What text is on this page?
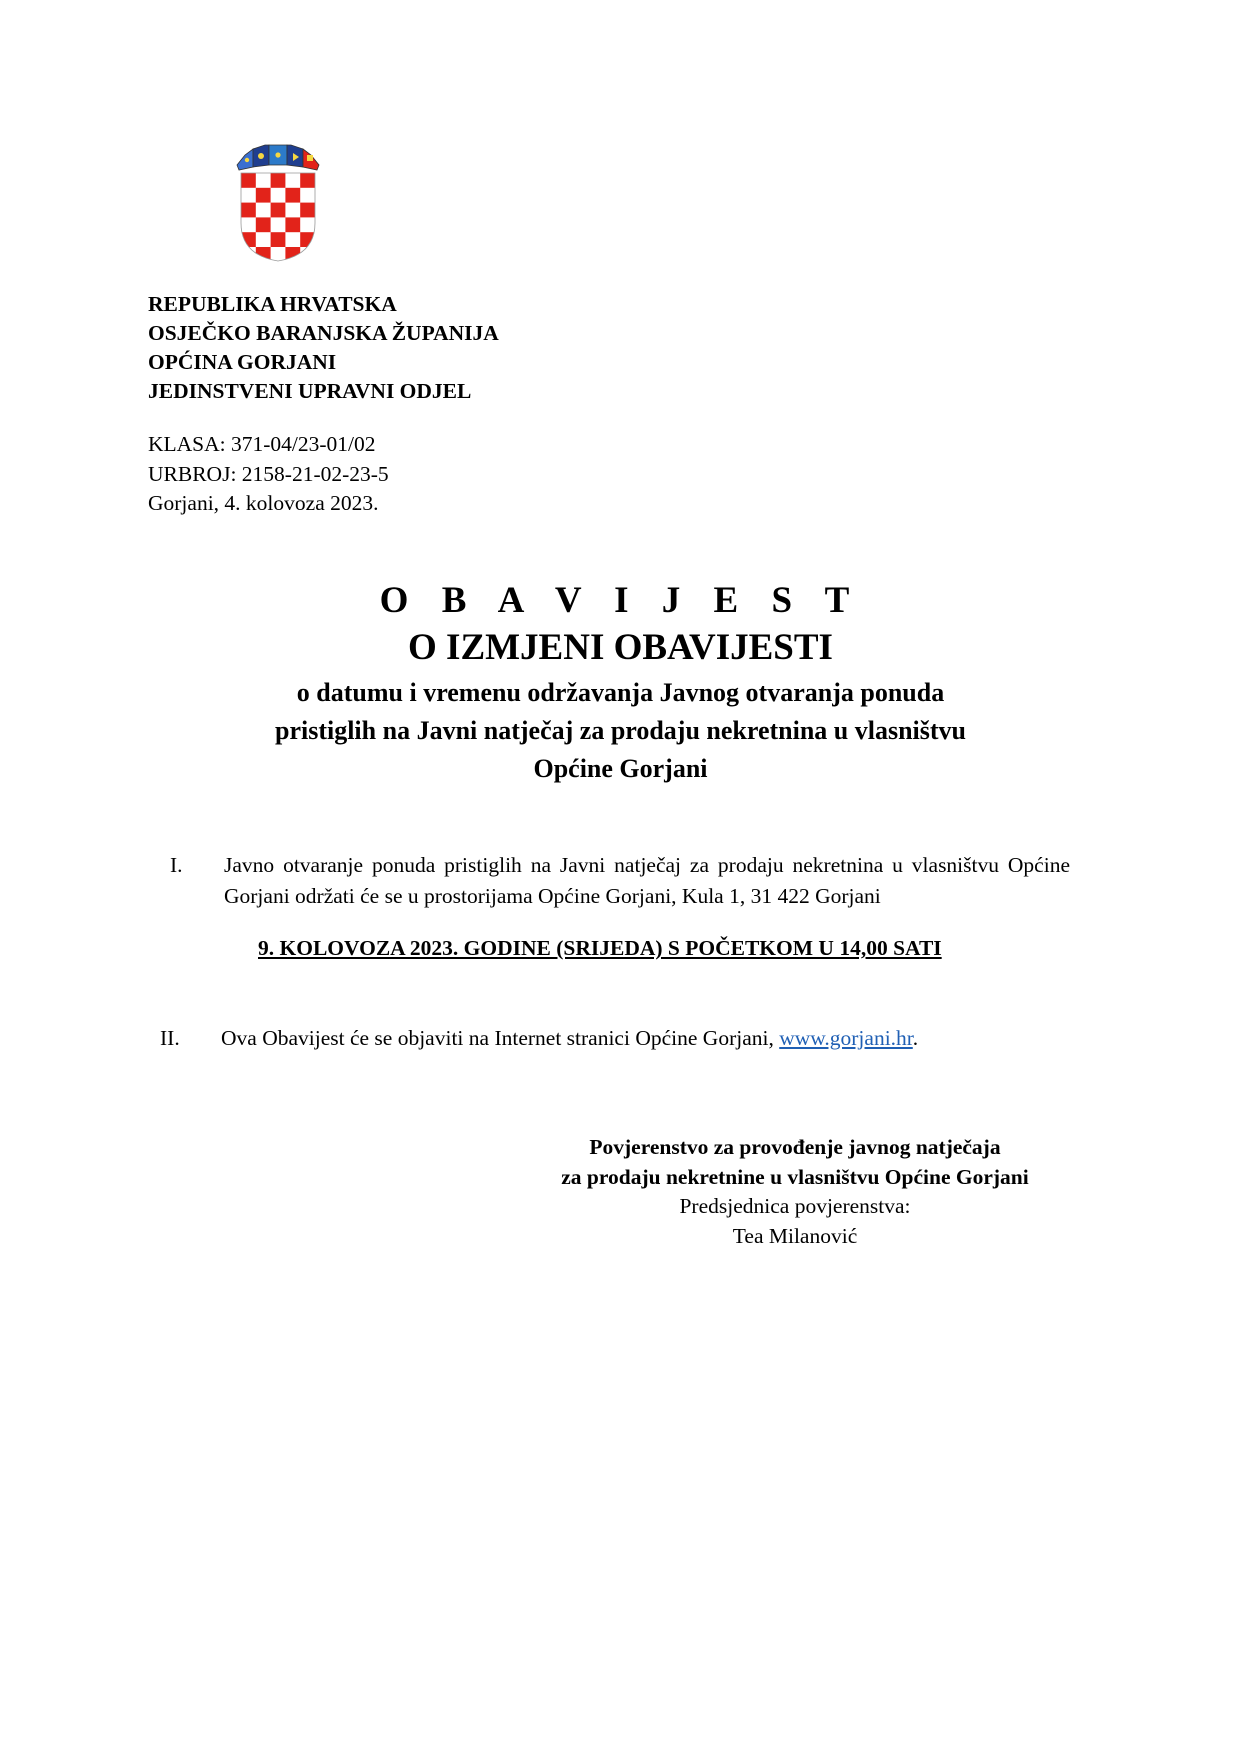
REPUBLIKA HRVATSKA
OSJEČKO BARANJSKA ŽUPANIJA
OPĆINA GORJANI
JEDINSTVENI UPRAVNI ODJEL
KLASA: 371-04/23-01/02
URBROJ: 2158-21-02-23-5
Gorjani, 4. kolovoza 2023.
O B A V I J E S T
O IZMJENI OBAVIJESTI
o datumu i vremenu održavanja Javnog otvaranja ponuda
pristiglih na Javni natječaj za prodaju nekretnina u vlasništvu
Općine Gorjani
I. Javno otvaranje ponuda pristiglih na Javni natječaj za prodaju nekretnina u vlasništvu Općine Gorjani održati će se u prostorijama Općine Gorjani, Kula 1, 31 422 Gorjani
9. KOLOVOZA 2023. GODINE (SRIJEDA) S POČETKOM U 14,00 SATI
II. Ova Obavijest će se objaviti na Internet stranici Općine Gorjani, www.gorjani.hr.
Povjerenstvo za provođenje javnog natječaja
za prodaju nekretnine u vlasništvu Općine Gorjani
Predsjednica povjerenstva:
Tea Milanović
